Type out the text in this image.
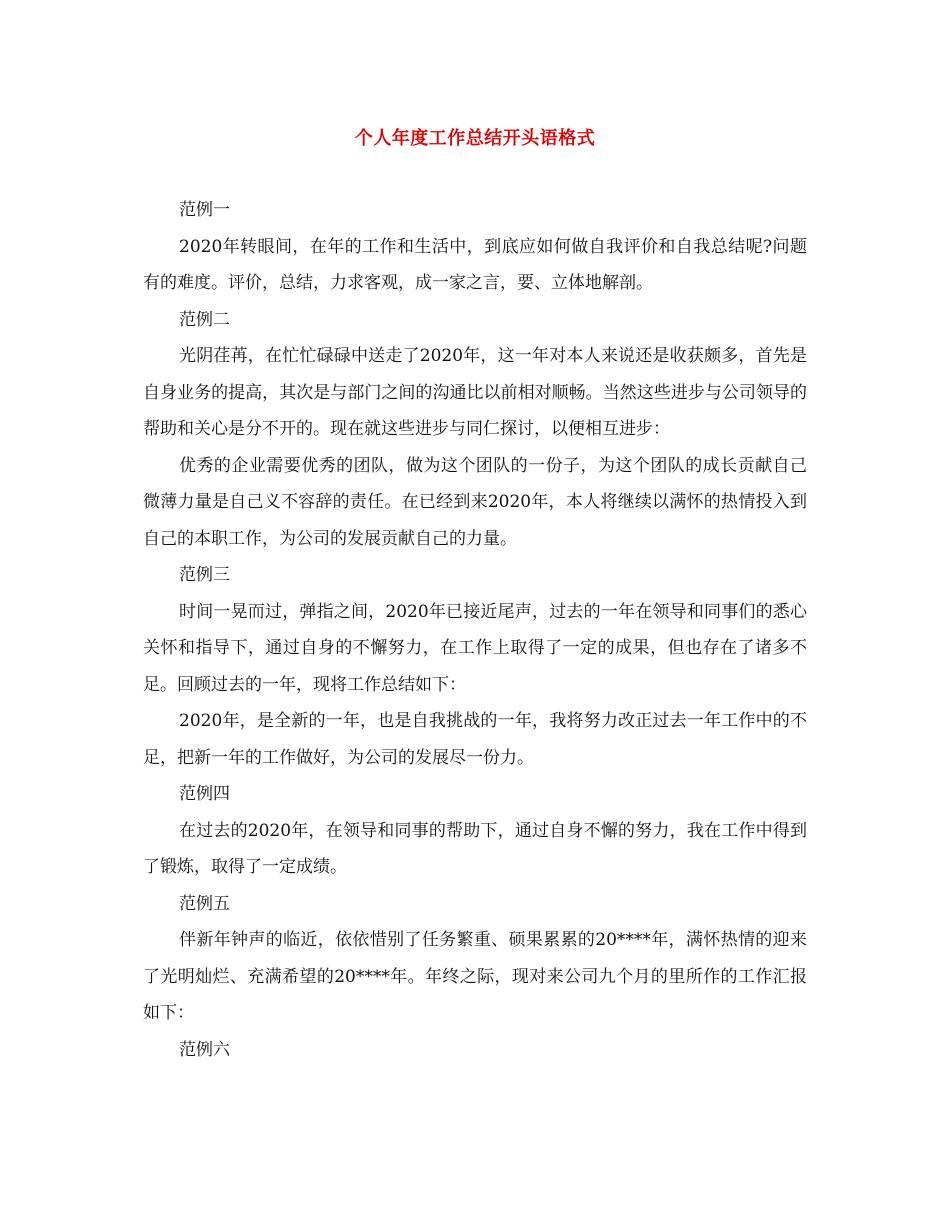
个人年度工作总结开头语格式

范例一

2020年转眼间，在年的工作和生活中，到底应如何做自我评价和自我总结呢?问题有的难度。评价，总结，力求客观，成一家之言，要、立体地解剖。

范例二

光阴荏苒，在忙忙碌碌中送走了2020年，这一年对本人来说还是收获颇多，首先是自身业务的提高，其次是与部门之间的沟通比以前相对顺畅。当然这些进步与公司领导的帮助和关心是分不开的。现在就这些进步与同仁探讨，以便相互进步：

优秀的企业需要优秀的团队，做为这个团队的一份子，为这个团队的成长贡献自己微薄力量是自己义不容辞的责任。在已经到来2020年，本人将继续以满怀的热情投入到自己的本职工作，为公司的发展贡献自己的力量。

范例三

时间一晃而过，弹指之间，2020年已接近尾声，过去的一年在领导和同事们的悉心关怀和指导下，通过自身的不懈努力，在工作上取得了一定的成果，但也存在了诸多不足。回顾过去的一年，现将工作总结如下：

2020年，是全新的一年，也是自我挑战的一年，我将努力改正过去一年工作中的不足，把新一年的工作做好，为公司的发展尽一份力。

范例四

在过去的2020年，在领导和同事的帮助下，通过自身不懈的努力，我在工作中得到了锻炼，取得了一定成绩。

范例五

伴新年钟声的临近，依依惜别了任务繁重、硕果累累的20****年，满怀热情的迎来了光明灿烂、充满希望的20****年。年终之际，现对来公司九个月的里所作的工作汇报如下：

范例六
